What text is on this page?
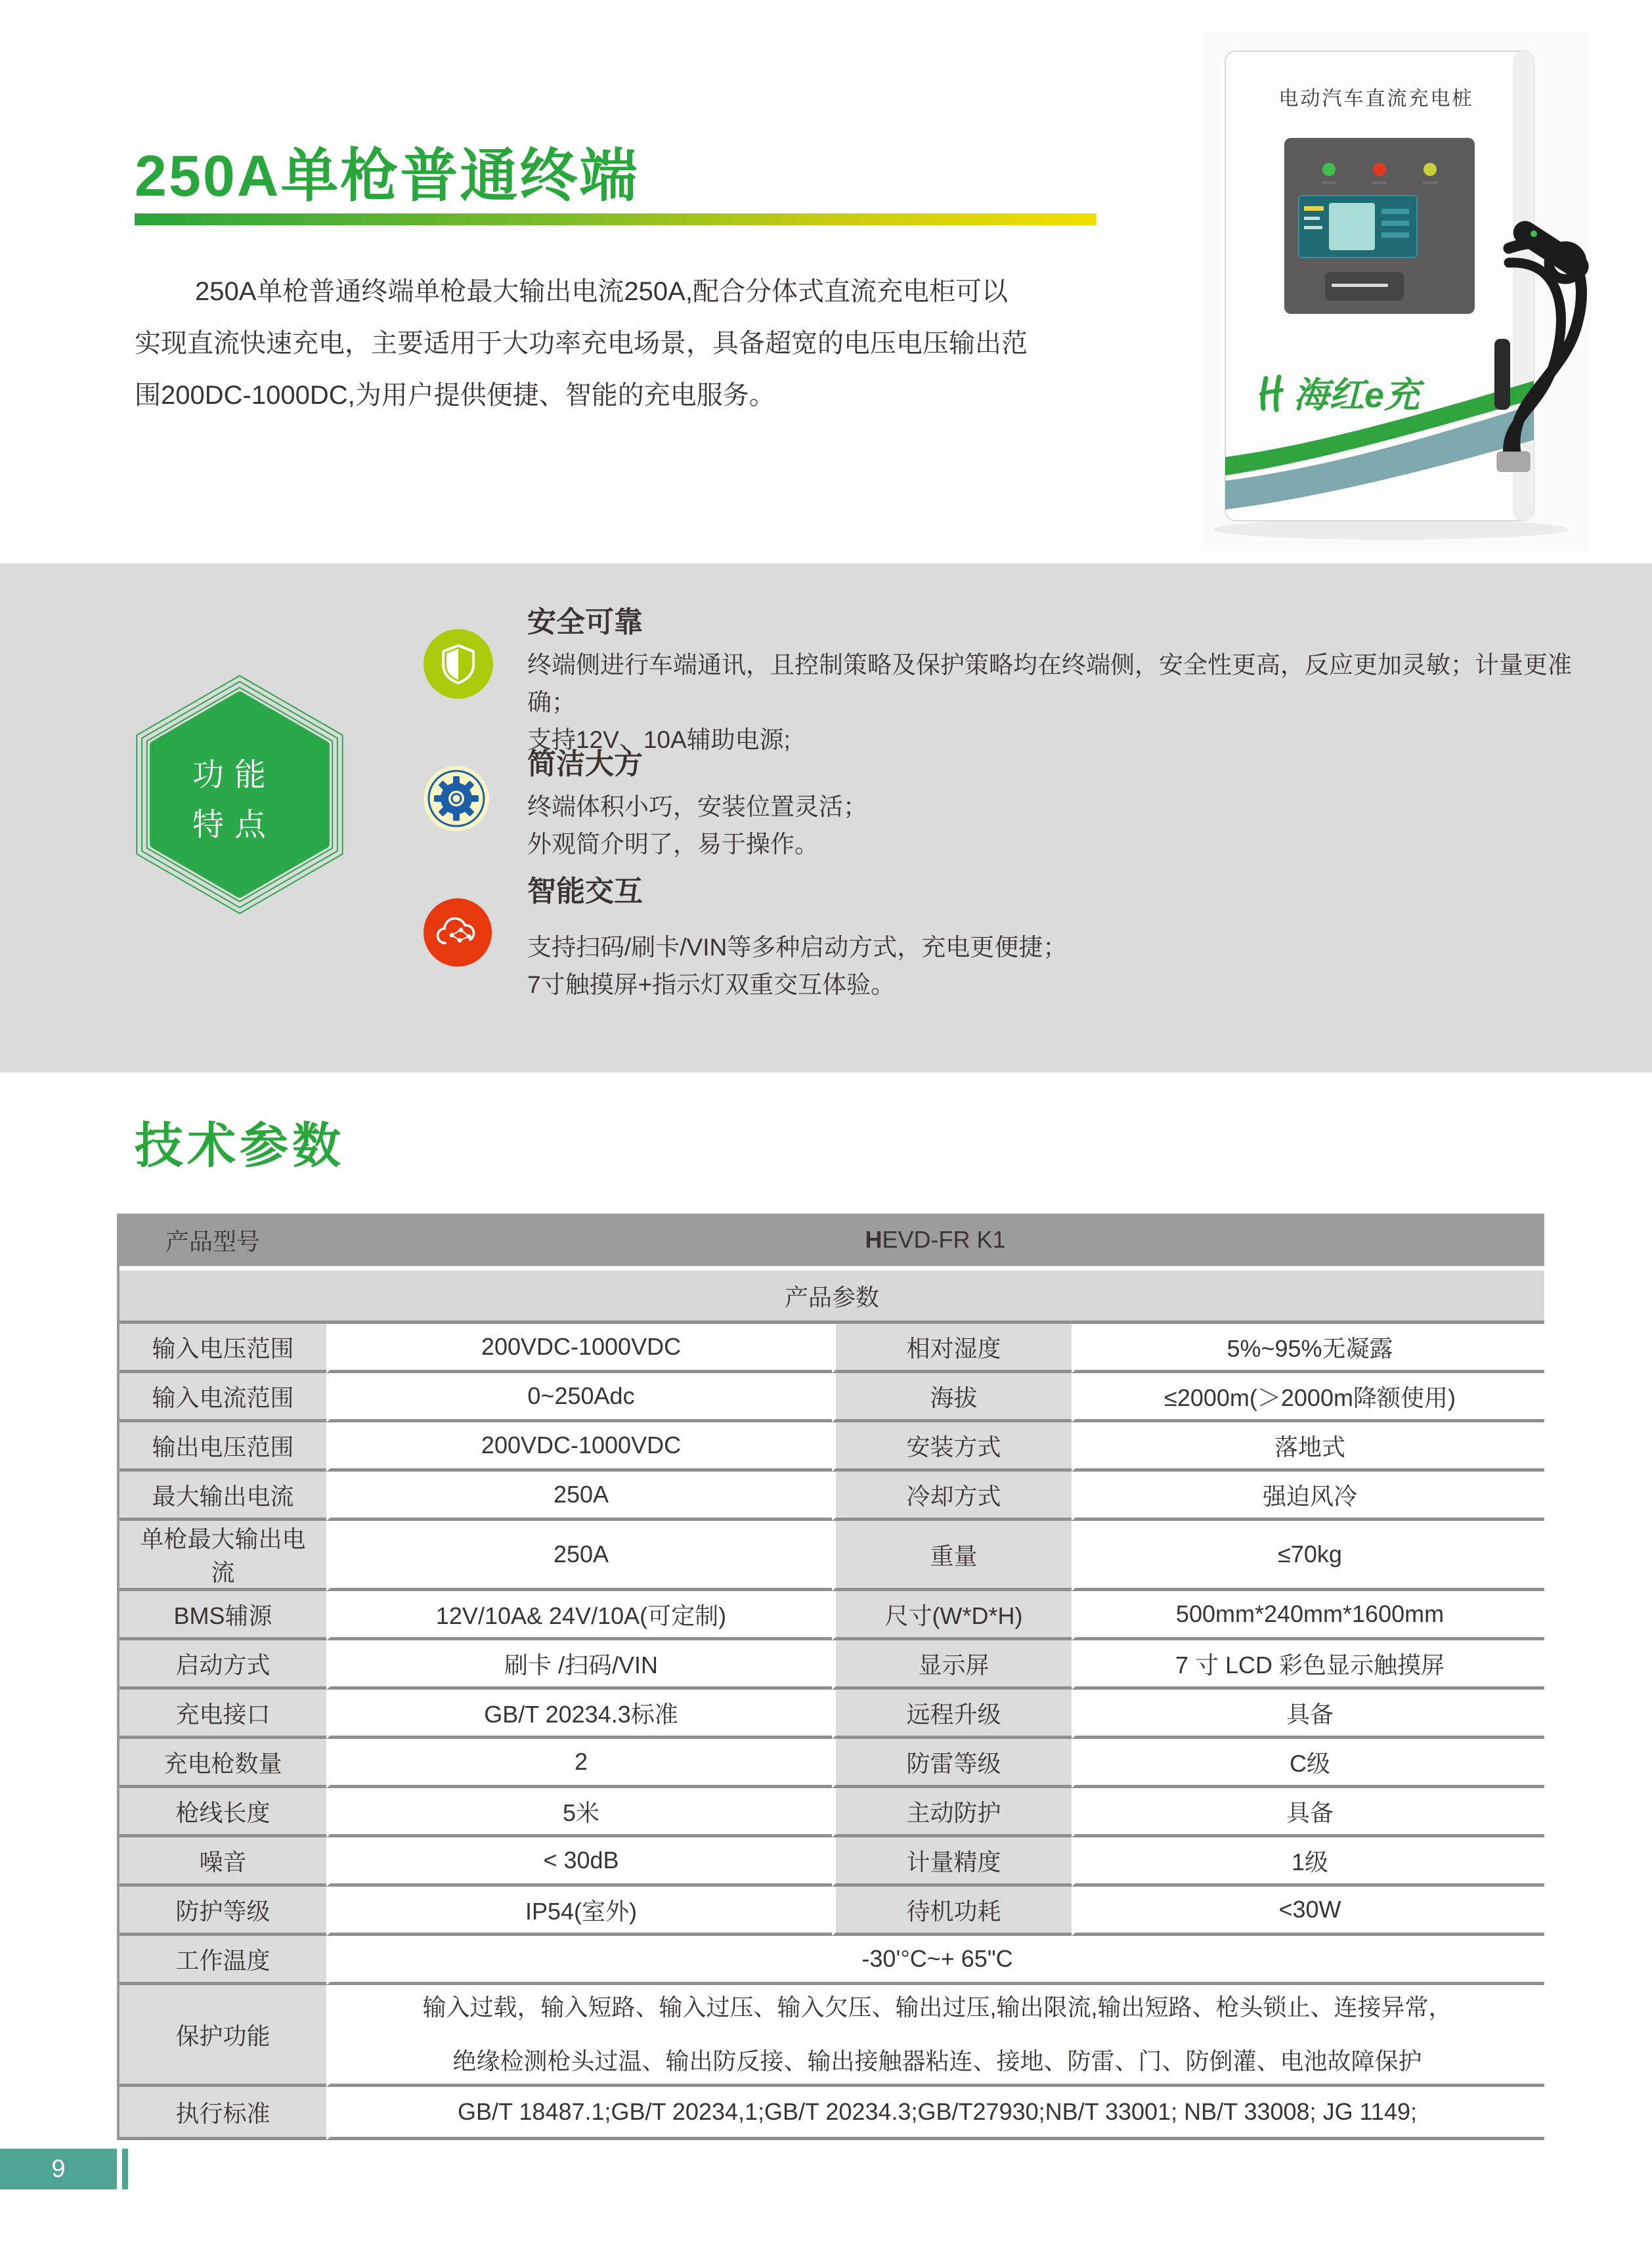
250A单枪普通终端
250A单枪普通终端单枪最大输出电流250A,配合分体式直流充电柜可以
实现直流快速充电，主要适用于大功率充电场景，具备超宽的电压电压输出范
围200DC-1000DC,为用户提供便捷、智能的充电服务。
电动汽车直流充电桩
海红e充
功能
特点
安全可靠
终端侧进行车端通讯，且控制策略及保护策略均在终端侧，安全性更高，反应更加灵敏；计量更准确；
支持12V、10A辅助电源;
简洁大方
终端体积小巧，安装位置灵活；
外观简介明了，易于操作。
智能交互
支持扫码/刷卡/VIN等多种启动方式，充电更便捷；
7寸触摸屏+指示灯双重交互体验。
技术参数
产品型号	HEVD-FR K1		
产品参数			
输入电压范围	200VDC-1000VDC	相对湿度	5%~95%无凝露
输入电流范围	0~250Adc	海拔	≤2000m(＞2000m降额使用)
输出电压范围	200VDC-1000VDC	安装方式	落地式
最大输出电流	250A	冷却方式	强迫风冷
单枪最大输出电流	250A	重量	≤70kg
BMS辅源	12V/10A& 24V/10A(可定制)	尺寸(W*D*H)	500mm*240mm*1600mm
启动方式	刷卡 /扫码/VIN	显示屏	7 寸 LCD 彩色显示触摸屏
充电接口	GB/T 20234.3标准	远程升级	具备
充电枪数量	2	防雷等级	C级
枪线长度	5米	主动防护	具备
噪音	< 30dB	计量精度	1级
防护等级	IP54(室外)	待机功耗	<30W
工作温度	-30'°C~+ 65"C		
保护功能	输入过载，输入短路、输入过压、输入欠压、输出过压,输出限流,输出短路、枪头锁止、连接异常，
绝缘检测枪头过温、输出防反接、输出接触器粘连、接地、防雷、门、防倒灌、电池故障保护		

执行标准	GB/T 18487.1;GB/T 20234,1;GB/T 20234.3;GB/T27930;NB/T 33001; NB/T 33008; JG 1149;		
9
